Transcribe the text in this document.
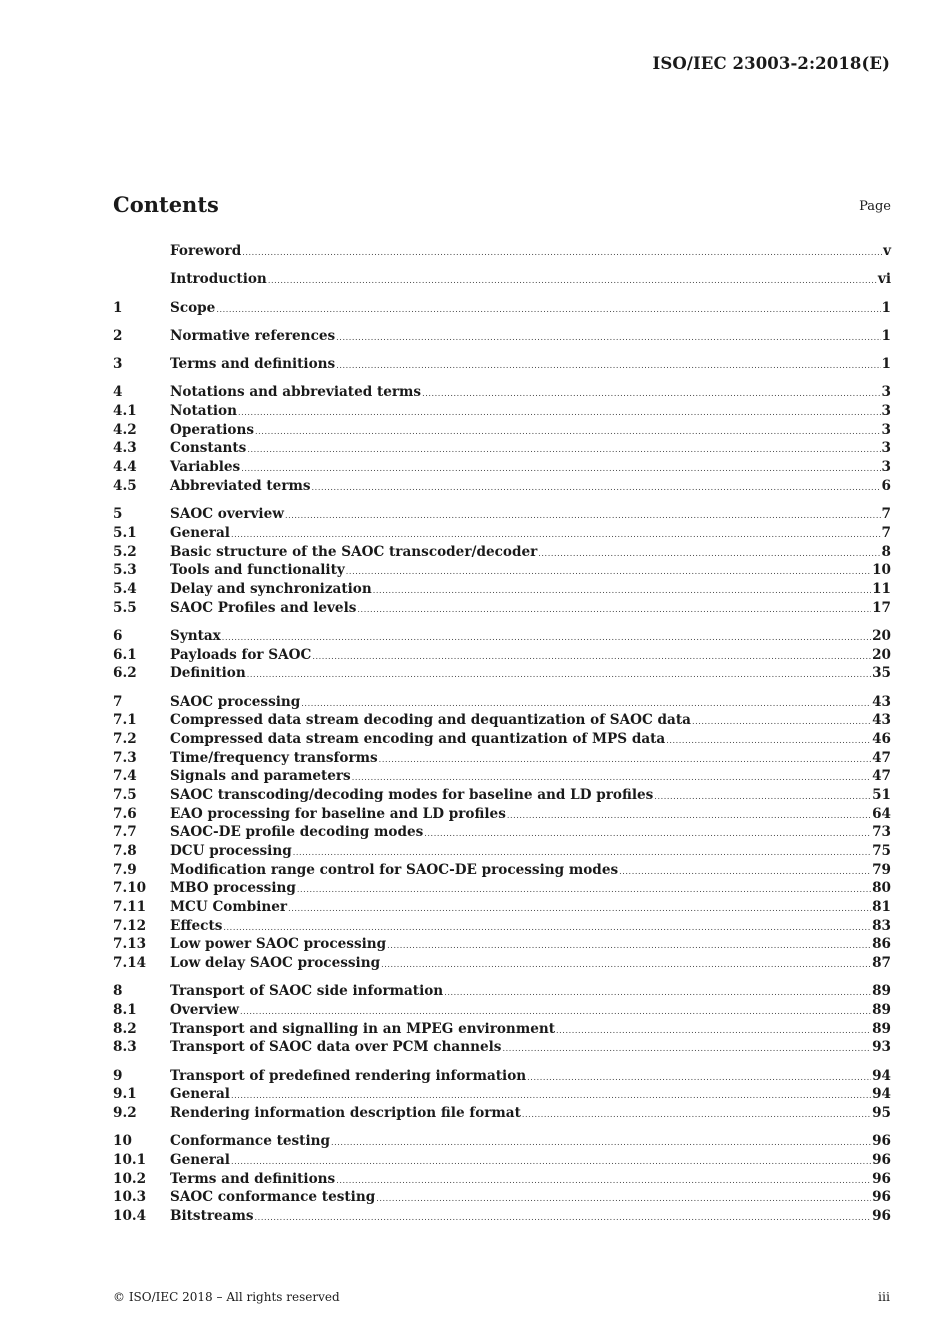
ISO/IEC 23003-2:2018(E)
Contents	Page
Foreword .....	v
Introduction .....	vi
1	Scope .....	1
2	Normative references .....	1
3	Terms and definitions .....	1
4	Notations and abbreviated terms .....	3
4.1	Notation .....	3
4.2	Operations .....	3
4.3	Constants .....	3
4.4	Variables .....	3
4.5	Abbreviated terms .....	6
5	SAOC overview .....	7
5.1	General .....	7
5.2	Basic structure of the SAOC transcoder/decoder .....	8
5.3	Tools and functionality .....	10
5.4	Delay and synchronization .....	11
5.5	SAOC Profiles and levels .....	17
6	Syntax .....	20
6.1	Payloads for SAOC .....	20
6.2	Definition .....	35
7	SAOC processing .....	43
7.1	Compressed data stream decoding and dequantization of SAOC data .....	43
7.2	Compressed data stream encoding and quantization of MPS data .....	46
7.3	Time/frequency transforms .....	47
7.4	Signals and parameters .....	47
7.5	SAOC transcoding/decoding modes for baseline and LD profiles .....	51
7.6	EAO processing for baseline and LD profiles .....	64
7.7	SAOC-DE profile decoding modes .....	73
7.8	DCU processing .....	75
7.9	Modification range control for SAOC-DE processing modes .....	79
7.10	MBO processing .....	80
7.11	MCU Combiner .....	81
7.12	Effects .....	83
7.13	Low power SAOC processing .....	86
7.14	Low delay SAOC processing .....	87
8	Transport of SAOC side information .....	89
8.1	Overview .....	89
8.2	Transport and signalling in an MPEG environment .....	89
8.3	Transport of SAOC data over PCM channels .....	93
9	Transport of predefined rendering information .....	94
9.1	General .....	94
9.2	Rendering information description file format .....	95
10	Conformance testing .....	96
10.1	General .....	96
10.2	Terms and definitions .....	96
10.3	SAOC conformance testing .....	96
10.4	Bitstreams .....	96
© ISO/IEC 2018 – All rights reserved	iii
